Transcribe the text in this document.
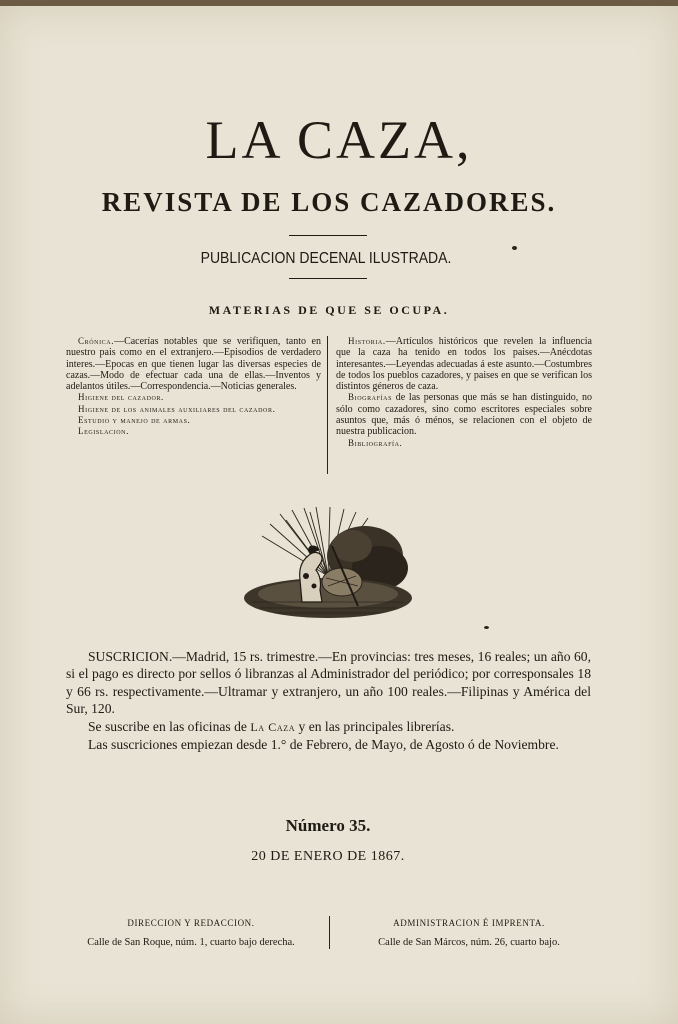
LA CAZA,
REVISTA DE LOS CAZADORES.
PUBLICACION DECENAL ILUSTRADA.
MATERIAS DE QUE SE OCUPA.

Crónica.—Cacerías notables que se verifiquen, tanto en nuestro pais como en el extranjero.—Episodios de verdadero interes.—Epocas en que tienen lugar las diversas especies de cazas.—Modo de efectuar cada una de ellas.—Inventos y adelantos útiles.—Correspondencia.—Noticias generales.

Higiene del cazador.

Higiene de los animales auxiliares del cazador.

Estudio y manejo de armas.

Legislacion.

Historia.—Artículos históricos que revelen la influencia que la caza ha tenido en todos los paises.—Anécdotas interesantes.—Leyendas adecuadas á este asunto.—Costumbres de todos los pueblos cazadores, y paises en que se verifican los distintos géneros de caza.

Biografías de las personas que más se han distinguido, no sólo como cazadores, sino como escritores especiales sobre asuntos que, más ó ménos, se relacionen con el objeto de nuestra publicacion.

Bibliografía.

SUSCRICION.—Madrid, 15 rs. trimestre.—En provincias: tres meses, 16 reales; un año 60, si el pago es directo por sellos ó libranzas al Administrador del periódico; por corresponsales 18 y 66 rs. respectivamente.—Ultramar y extranjero, un año 100 reales.—Filipinas y América del Sur, 120.

Se suscribe en las oficinas de La Caza y en las principales librerías.

Las suscriciones empiezan desde 1.° de Febrero, de Mayo, de Agosto ó de Noviembre.

Número 35.
20 DE ENERO DE 1867.
DIRECCION Y REDACCION.
Calle de San Roque, núm. 1, cuarto bajo derecha.
ADMINISTRACION É IMPRENTA.
Calle de San Márcos, núm. 26, cuarto bajo.
